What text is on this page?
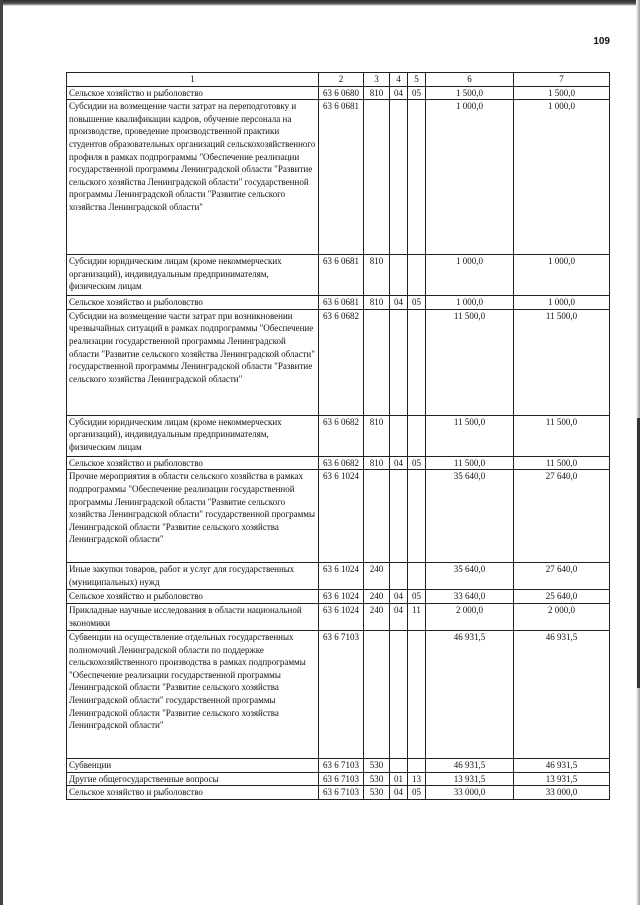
109
1	2	3	4	5	6	7
Сельское хозяйство и рыболовство	63 6 0680	810	04	05	1 500,0	1 500,0
Субсидии на возмещение части затрат на переподготовку и повышение квалификации кадров, обучение персонала на производстве, проведение производственной практики студентов образовательных организаций сельскохозяйственного профиля в рамках подпрограммы "Обеспечение реализации государственной программы Ленинградской области "Развитие сельского хозяйства Ленинградской области" государственной программы Ленинградской области "Развитие сельского хозяйства Ленинградской области"	63 6 0681				1 000,0	1 000,0
Субсидии юридическим лицам (кроме некоммерческих организаций), индивидуальным предпринимателям, физическим лицам	63 6 0681	810			1 000,0	1 000,0
Сельское хозяйство и рыболовство	63 6 0681	810	04	05	1 000,0	1 000,0
Субсидии на возмещение части затрат при возникновении чрезвычайных ситуаций в рамках подпрограммы "Обеспечение реализации государственной программы Ленинградской области "Развитие сельского хозяйства Ленинградской области" государственной программы Ленинградской области "Развитие сельского хозяйства Ленинградской области"	63 6 0682				11 500,0	11 500,0
Субсидии юридическим лицам (кроме некоммерческих организаций), индивидуальным предпринимателям, физическим лицам	63 6 0682	810			11 500,0	11 500,0
Сельское хозяйство и рыболовство	63 6 0682	810	04	05	11 500,0	11 500,0
Прочие мероприятия в области сельского хозяйства в рамках подпрограммы "Обеспечение реализации государственной программы Ленинградской области "Развитие сельского хозяйства Ленинградской области" государственной программы Ленинградской области "Развитие сельского хозяйства Ленинградской области"	63 6 1024				35 640,0	27 640,0
Иные закупки товаров, работ и услуг для государственных (муниципальных) нужд	63 6 1024	240			35 640,0	27 640,0
Сельское хозяйство и рыболовство	63 6 1024	240	04	05	33 640,0	25 640,0
Прикладные научные исследования в области национальной экономики	63 6 1024	240	04	11	2 000,0	2 000,0
Субвенции на осуществление отдельных государственных полномочий Ленинградской области по поддержке сельскохозяйственного производства в рамках подпрограммы "Обеспечение реализации государственной программы Ленинградской области "Развитие сельского хозяйства Ленинградской области" государственной программы Ленинградской области "Развитие сельского хозяйства Ленинградской области"	63 6 7103				46 931,5	46 931,5
Субвенции	63 6 7103	530			46 931,5	46 931,5
Другие общегосударственные вопросы	63 6 7103	530	01	13	13 931,5	13 931,5
Сельское хозяйство и рыболовство	63 6 7103	530	04	05	33 000,0	33 000,0
